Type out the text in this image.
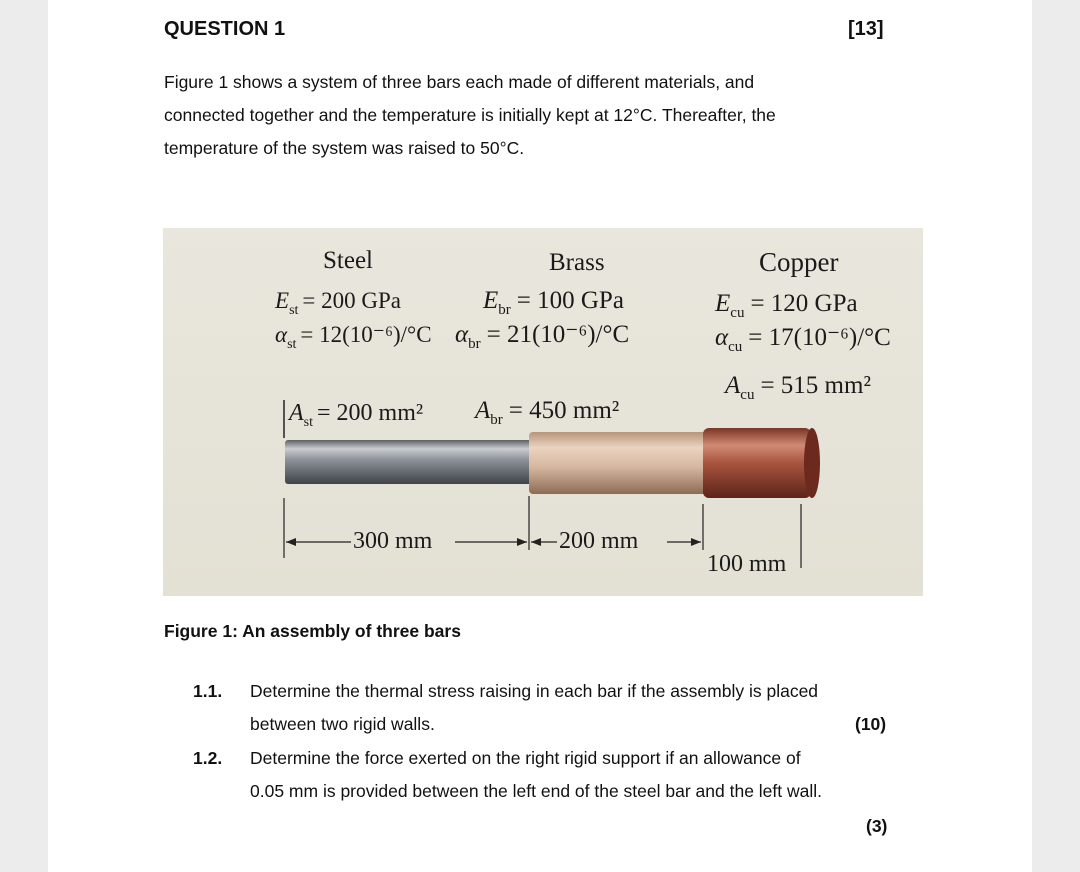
QUESTION 1	[13]
Figure 1 shows a system of three bars each made of different materials, and
connected together and the temperature is initially kept at 12°C. Thereafter, the
temperature of the system was raised to 50°C.
Steel	Brass	Copper
$E_{st} = 200$ GPa
$\alpha_{st} = 12(10^{-6})/^\circ C$
$E_{br} = 100$ GPa
$\alpha_{br} = 21(10^{-6})/^\circ C$
$E_{cu} = 120$ GPa
$\alpha_{cu} = 17(10^{-6})/^\circ C$
$A_{cu} = 515$ mm²
$A_{st} = 200$ mm² $A_{br} = 450$ mm²
300 mm	200 mm
100 mm
Figure 1: An assembly of three bars
1.1. Determine the thermal stress raising in each bar if the assembly is placed
between two rigid walls.	(10)
1.2. Determine the force exerted on the right rigid support if an allowance of
0.05 mm is provided between the left end of the steel bar and the left wall.
(3)
